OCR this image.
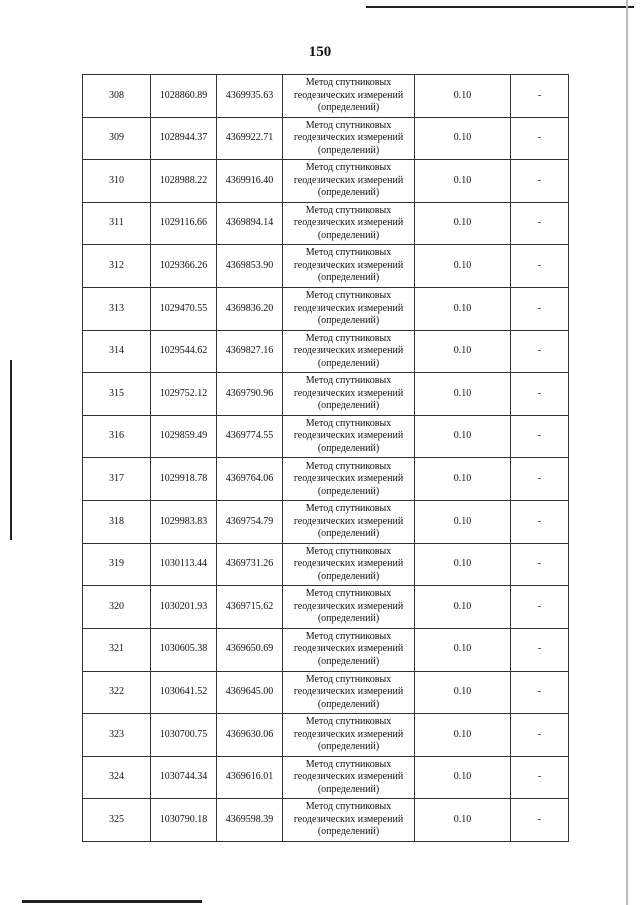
150
308	1028860.89	4369935.63	Метод спутниковых
геодезических измерений
(определений)	0.10	-
309	1028944.37	4369922.71	Метод спутниковых
геодезических измерений
(определений)	0.10	-
310	1028988.22	4369916.40	Метод спутниковых
геодезических измерений
(определений)	0.10	-
311	1029116.66	4369894.14	Метод спутниковых
геодезических измерений
(определений)	0.10	-
312	1029366.26	4369853.90	Метод спутниковых
геодезических измерений
(определений)	0.10	-
313	1029470.55	4369836.20	Метод спутниковых
геодезических измерений
(определений)	0.10	-
314	1029544.62	4369827.16	Метод спутниковых
геодезических измерений
(определений)	0.10	-
315	1029752.12	4369790.96	Метод спутниковых
геодезических измерений
(определений)	0.10	-
316	1029859.49	4369774.55	Метод спутниковых
геодезических измерений
(определений)	0.10	-
317	1029918.78	4369764.06	Метод спутниковых
геодезических измерений
(определений)	0.10	-
318	1029983.83	4369754.79	Метод спутниковых
геодезических измерений
(определений)	0.10	-
319	1030113.44	4369731.26	Метод спутниковых
геодезических измерений
(определений)	0.10	-
320	1030201.93	4369715.62	Метод спутниковых
геодезических измерений
(определений)	0.10	-
321	1030605.38	4369650.69	Метод спутниковых
геодезических измерений
(определений)	0.10	-
322	1030641.52	4369645.00	Метод спутниковых
геодезических измерений
(определений)	0.10	-
323	1030700.75	4369630.06	Метод спутниковых
геодезических измерений
(определений)	0.10	-
324	1030744.34	4369616.01	Метод спутниковых
геодезических измерений
(определений)	0.10	-
325	1030790.18	4369598.39	Метод спутниковых
геодезических измерений
(определений)	0.10	-
